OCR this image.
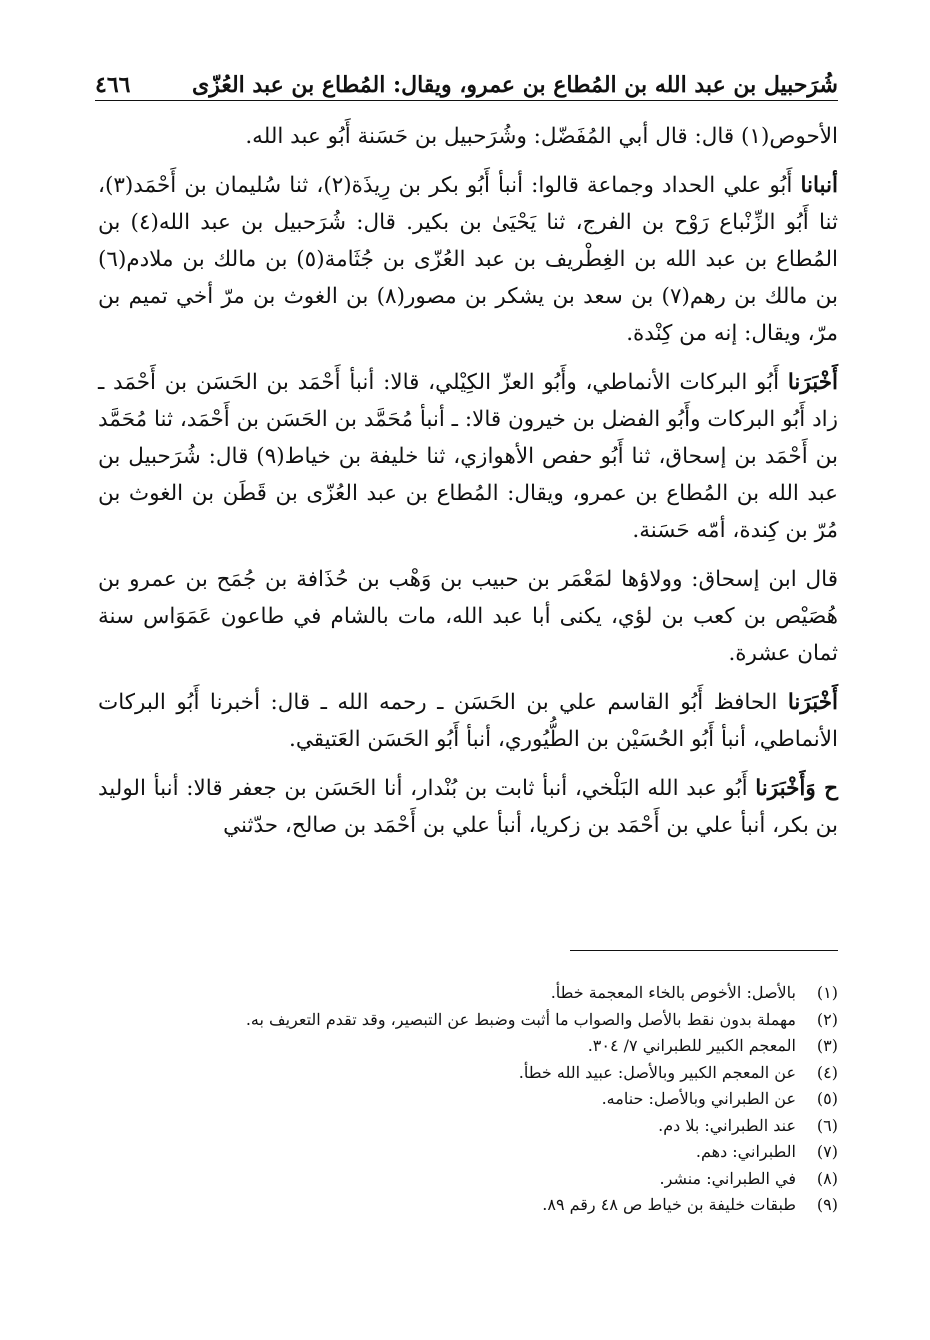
شُرَحبيل بن عبد الله بن المُطاع بن عمرو، ويقال: المُطاع بن عبد العُزّى
٤٦٦

الأحوص(١) قال: قال أبي المُفَضّل: وشُرَحبيل بن حَسَنة أَبُو عبد الله.

أنبانا أَبُو علي الحداد وجماعة قالوا: أنبأ أَبُو بكر بن رِيذَة(٢)، ثنا سُليمان بن أَحْمَد(٣)، ثنا أَبُو الزِّنْباع رَوْح بن الفرج، ثنا يَحْيَىٰ بن بكير. قال: شُرَحبيل بن عبد الله(٤) بن المُطاع بن عبد الله بن الغِطْريف بن عبد العُزّى بن جُثَامة(٥) بن مالك بن ملادم(٦) بن مالك بن رهم(٧) بن سعد بن يشكر بن مصور(٨) بن الغوث بن مرّ أخي تميم بن مرّ، ويقال: إنه من كِنْدة.

أَخْبَرَنا أَبُو البركات الأنماطي، وأَبُو العزّ الكِيْلي، قالا: أنبأ أَحْمَد بن الحَسَن بن أَحْمَد ـ زاد أَبُو البركات وأَبُو الفضل بن خيرون قالا: ـ أنبأ مُحَمَّد بن الحَسَن بن أَحْمَد، ثنا مُحَمَّد بن أَحْمَد بن إسحاق، ثنا أَبُو حفص الأهوازي، ثنا خليفة بن خياط(٩) قال: شُرَحبيل بن عبد الله بن المُطاع بن عمرو، ويقال: المُطاع بن عبد العُزّى بن قَطَن بن الغوث بن مُرّ بن كِندة، أمّه حَسَنة.

قال ابن إسحاق: وولاؤها لمَعْمَر بن حبيب بن وَهْب بن حُذَافة بن جُمَح بن عمرو بن هُصَيْص بن كعب بن لؤي، يكنى أبا عبد الله، مات بالشام في طاعون عَمَوَاس سنة ثمان عشرة.

أَخْبَرَنا الحافظ أَبُو القاسم علي بن الحَسَن ـ رحمه الله ـ قال: أخبرنا أَبُو البركات الأنماطي، أنبأ أَبُو الحُسَيْن بن الطُّيُوري، أنبأ أَبُو الحَسَن العَتيقي.

ح وَأَخْبَرَنا أَبُو عبد الله البَلْخي، أنبأ ثابت بن بُنْدار، أنا الحَسَن بن جعفر قالا: أنبأ الوليد بن بكر، أنبأ علي بن أَحْمَد بن زكريا، أنبأ علي بن أَحْمَد بن صالح، حدّثني

(١)
بالأصل: الأخوص بالخاء المعجمة خطأ.
(٢)
مهملة بدون نقط بالأصل والصواب ما أثبت وضبط عن التبصير، وقد تقدم التعريف به.
(٣)
المعجم الكبير للطبراني ٧/ ٣٠٤.
(٤)
عن المعجم الكبير وبالأصل: عبيد الله خطأ.
(٥)
عن الطبراني وبالأصل: حنامه.
(٦)
عند الطبراني: بلا دم.
(٧)
الطبراني: دهم.
(٨)
في الطبراني: منشر.
(٩)
طبقات خليفة بن خياط ص ٤٨ رقم ٨٩.
